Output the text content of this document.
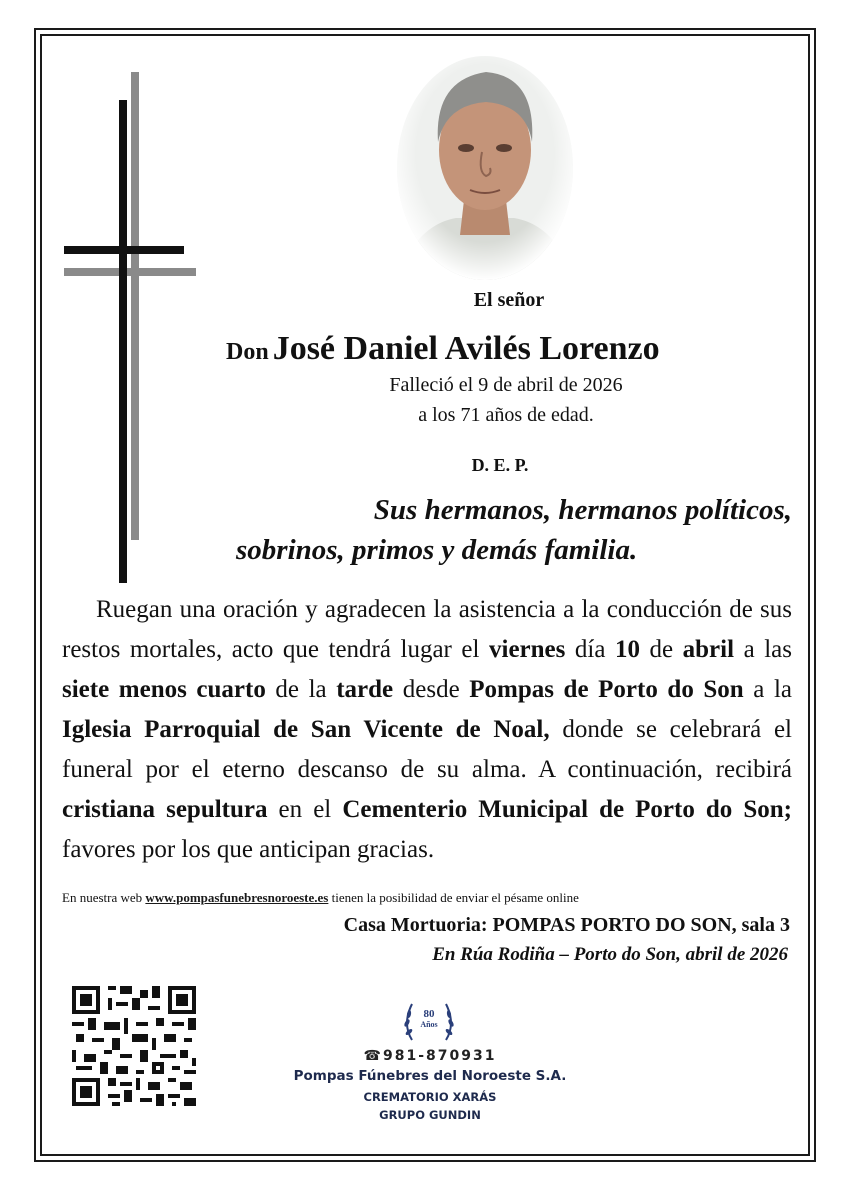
El señor
Don José Daniel Avilés Lorenzo
Falleció el 9 de abril de 2026
a los 71 años de edad.
D. E. P.
Sus hermanos, hermanos políticos,
sobrinos, primos y demás familia.
Ruegan una oración y agradecen la asistencia a la conducción de sus restos mortales, acto que tendrá lugar el viernes día 10 de abril a las siete menos cuarto de la tarde desde Pompas de Porto do Son a la Iglesia Parroquial de San Vicente de Noal, donde se celebrará el funeral por el eterno descanso de su alma. A continuación, recibirá cristiana sepultura en el Cementerio Municipal de Porto do Son; favores por los que anticipan gracias.
En nuestra web www.pompasfunebresnoroeste.es tienen la posibilidad de enviar el pésame online
Casa Mortuoria: POMPAS PORTO DO SON, sala 3
En Rúa Rodiña – Porto do Son, abril de 2026
80
Años
☎981-870931
Pompas Fúnebres del Noroeste S.A.
CREMATORIO XARÁS
GRUPO GUNDIN
